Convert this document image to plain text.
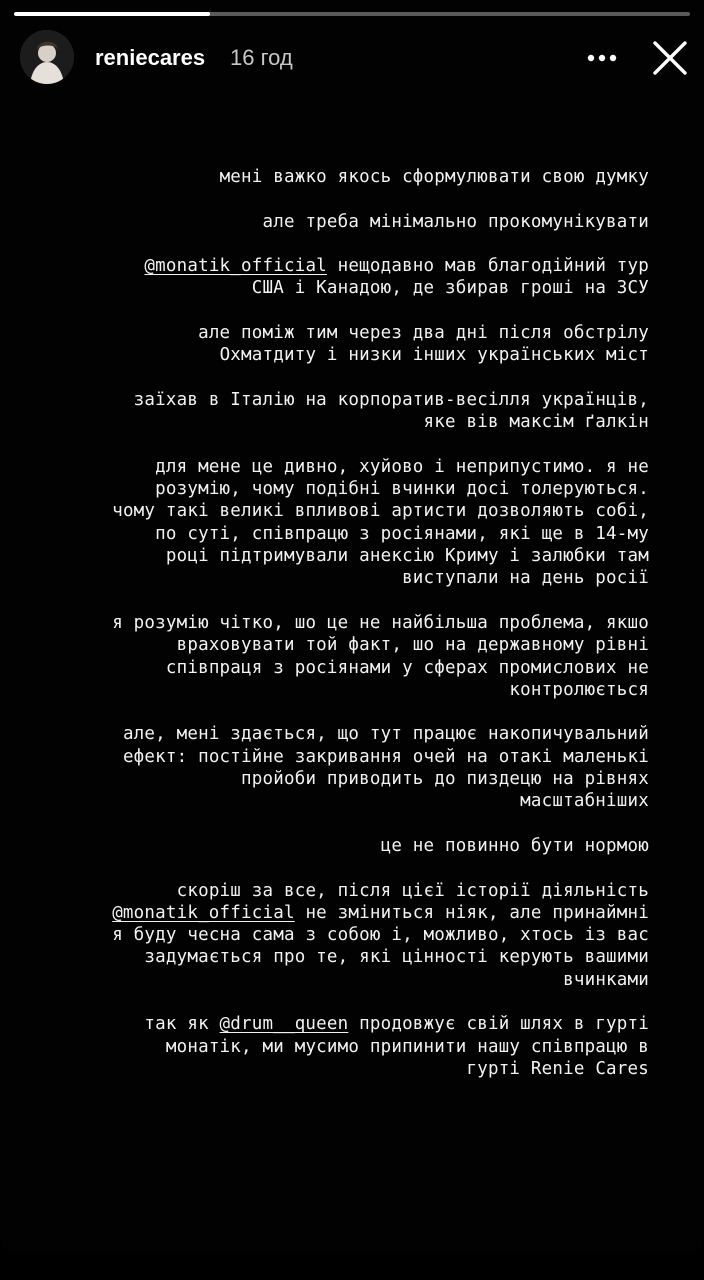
reniecares 16 год

мені важко якось сформулювати свою думку

але треба мінімально прокомунікувати

@monatik_official нещодавно мав благодійний тур
США і Канадою, де збирав гроші на ЗСУ

але поміж тим через два дні після обстрілу
Охматдиту і низки інших українських міст

заїхав в Італію на корпоратив-весілля українців,
яке вів максім ґалкін

для мене це дивно, хуйово і неприпустимо. я не
розумію, чому подібні вчинки досі толеруються.
чому такі великі впливові артисти дозволяють собі,
по суті, співпрацю з росіянами, які ще в 14-му
році підтримували анексію Криму і залюбки там
виступали на день росії

я розумію чітко, шо це не найбільша проблема, якшо
враховувати той факт, шо на державному рівні
співпраця з росіянами у сферах промислових не
контролюється

але, мені здається, що тут працює накопичувальний
ефект: постійне закривання очей на отакі маленькі
пройоби приводить до пиздецю на рівнях
масштабніших

це не повинно бути нормою

скоріш за все, після цієї історії діяльність
@monatik_official не зміниться ніяк, але принаймні
я буду чесна сама з собою і, можливо, хтось із вас
задумається про те, які цінності керують вашими
вчинками

так як @drum__queen продовжує свій шлях в гурті
монатік, ми мусимо припинити нашу співпрацю в
гурті Renie Cares
